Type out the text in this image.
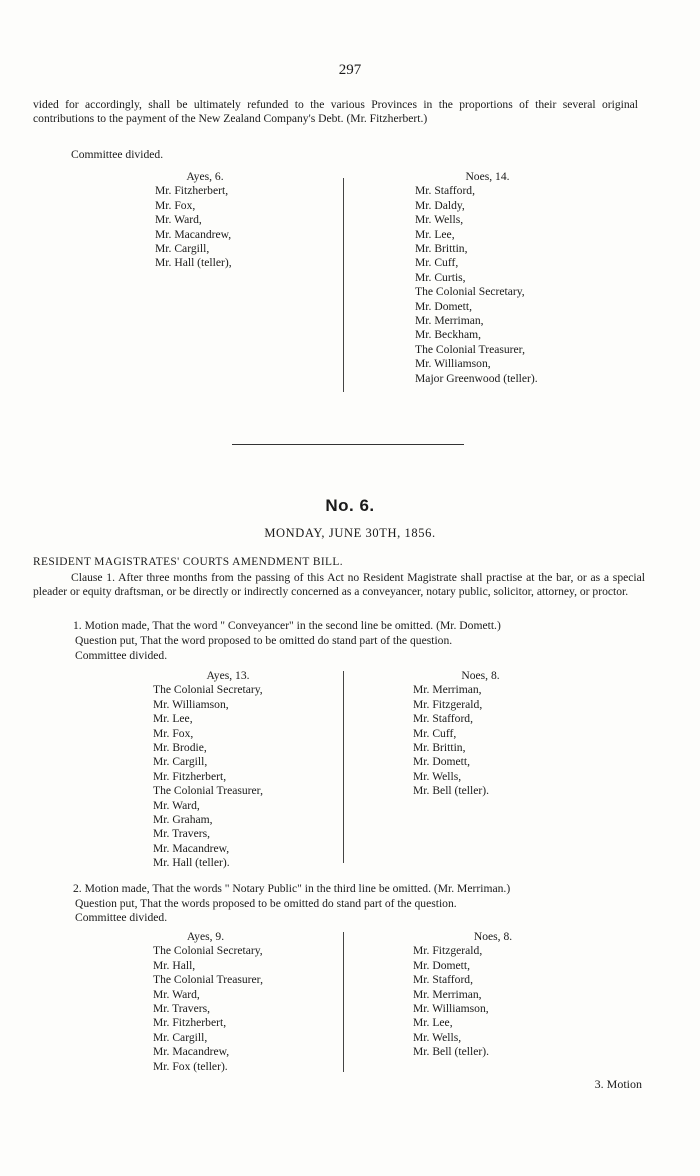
297
vided for accordingly, shall be ultimately refunded to the various Provinces in the proportions of their several original contributions to the payment of the New Zealand Company's Debt. (Mr. Fitzherbert.)
Committee divided.
Ayes, 6.
Mr. Fitzherbert,
Mr. Fox,
Mr. Ward,
Mr. Macandrew,
Mr. Cargill,
Mr. Hall (teller),
Noes, 14.
Mr. Stafford,
Mr. Daldy,
Mr. Wells,
Mr. Lee,
Mr. Brittin,
Mr. Cuff,
Mr. Curtis,
The Colonial Secretary,
Mr. Domett,
Mr. Merriman,
Mr. Beckham,
The Colonial Treasurer,
Mr. Williamson,
Major Greenwood (teller).
No. 6.
MONDAY, JUNE 30TH, 1856.
RESIDENT MAGISTRATES' COURTS AMENDMENT BILL.
Clause 1. After three months from the passing of this Act no Resident Magistrate shall practise at the bar, or as a special pleader or equity draftsman, or be directly or indirectly concerned as a conveyancer, notary public, solicitor, attorney, or proctor.
1. Motion made, That the word " Conveyancer" in the second line be omitted. (Mr. Domett.)
Question put, That the word proposed to be omitted do stand part of the question.
Committee divided.
Ayes, 13.
The Colonial Secretary,
Mr. Williamson,
Mr. Lee,
Mr. Fox,
Mr. Brodie,
Mr. Cargill,
Mr. Fitzherbert,
The Colonial Treasurer,
Mr. Ward,
Mr. Graham,
Mr. Travers,
Mr. Macandrew,
Mr. Hall (teller).
Noes, 8.
Mr. Merriman,
Mr. Fitzgerald,
Mr. Stafford,
Mr. Cuff,
Mr. Brittin,
Mr. Domett,
Mr. Wells,
Mr. Bell (teller).
2. Motion made, That the words " Notary Public" in the third line be omitted. (Mr. Merriman.)
Question put, That the words proposed to be omitted do stand part of the question.
Committee divided.
Ayes, 9.
The Colonial Secretary,
Mr. Hall,
The Colonial Treasurer,
Mr. Ward,
Mr. Travers,
Mr. Fitzherbert,
Mr. Cargill,
Mr. Macandrew,
Mr. Fox (teller).
Noes, 8.
Mr. Fitzgerald,
Mr. Domett,
Mr. Stafford,
Mr. Merriman,
Mr. Williamson,
Mr. Lee,
Mr. Wells,
Mr. Bell (teller).
3. Motion
